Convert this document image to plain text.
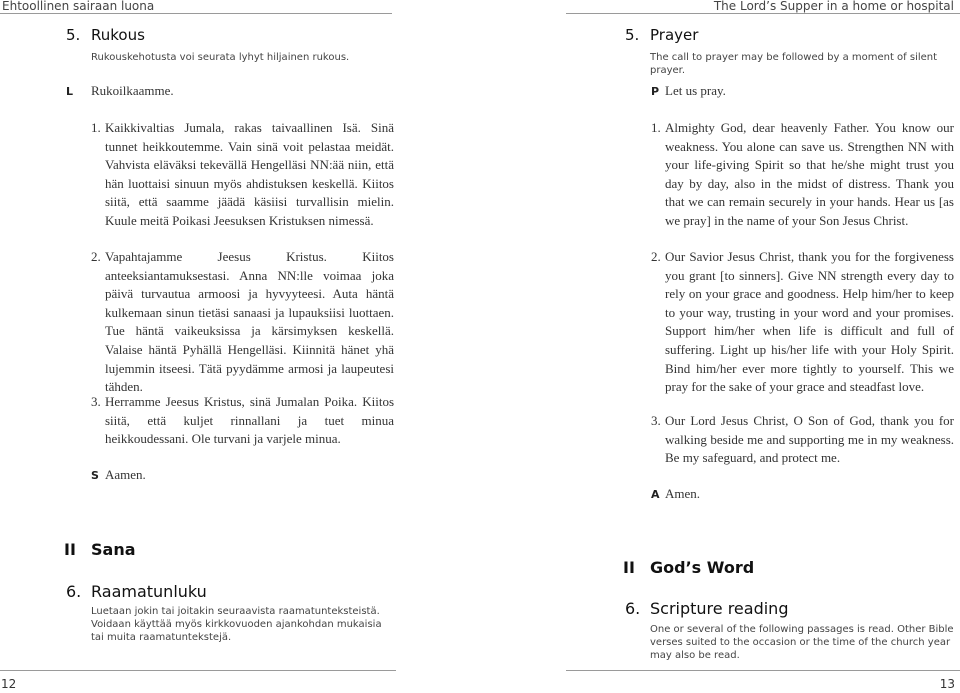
Ehtoollinen sairaan luona
5. Rukous
Rukouskehotusta voi seurata lyhyt hiljainen rukous.
L Rukoilkaamme.
1. Kaikkivaltias Jumala, rakas taivaallinen Isä. Sinä tunnet heikkoutemme. Vain sinä voit pelastaa meidät. Vahvista eläväksi tekevällä Hengelläsi NN:ää niin, että hän luottaisi sinuun myös ahdistuksen keskellä. Kiitos siitä, että saamme jäädä käsiisi turvallisin mielin. Kuule meitä Poikasi Jeesuksen Kristuksen nimessä.
2. Vapahtajamme Jeesus Kristus. Kiitos anteeksiantamuksestasi. Anna NN:lle voimaa joka päivä turvautua armoosi ja hyvyyteesi. Auta häntä kulkemaan sinun tietäsi sanaasi ja lupauksiisi luottaen. Tue häntä vaikeuksissa ja kärsimyksen keskellä. Valaise häntä Pyhällä Hengelläsi. Kiinnitä hänet yhä lujemmin itseesi. Tätä pyydämme armosi ja laupeutesi tähden.
3. Herramme Jeesus Kristus, sinä Jumalan Poika. Kiitos siitä, että kuljet rinnallani ja tuet minua heikkoudessani. Ole turvani ja varjele minua.
S Aamen.
II Sana
6. Raamatunluku
Luetaan jokin tai joitakin seuraavista raamatunteksteistä. Voidaan käyttää myös kirkkovuoden ajankohdan mukaisia tai muita raamatuntekstejä.
12
The Lord’s Supper in a home or hospital
5. Prayer
The call to prayer may be followed by a moment of silent prayer.
P Let us pray.
1. Almighty God, dear heavenly Father. You know our weakness. You alone can save us. Strengthen NN with your life-giving Spirit so that he/she might trust you day by day, also in the midst of distress. Thank you that we can remain securely in your hands. Hear us [as we pray] in the name of your Son Jesus Christ.
2. Our Savior Jesus Christ, thank you for the forgiveness you grant [to sinners]. Give NN strength every day to rely on your grace and goodness. Help him/her to keep to your way, trusting in your word and your promises. Support him/her when life is difficult and full of suffering. Light up his/her life with your Holy Spirit. Bind him/her ever more tightly to yourself. This we pray for the sake of your grace and steadfast love.
3. Our Lord Jesus Christ, O Son of God, thank you for walking beside me and supporting me in my weakness. Be my safeguard, and protect me.
A Amen.
II God’s Word
6. Scripture reading
One or several of the following passages is read. Other Bible verses suited to the occasion or the time of the church year may also be read.
13
